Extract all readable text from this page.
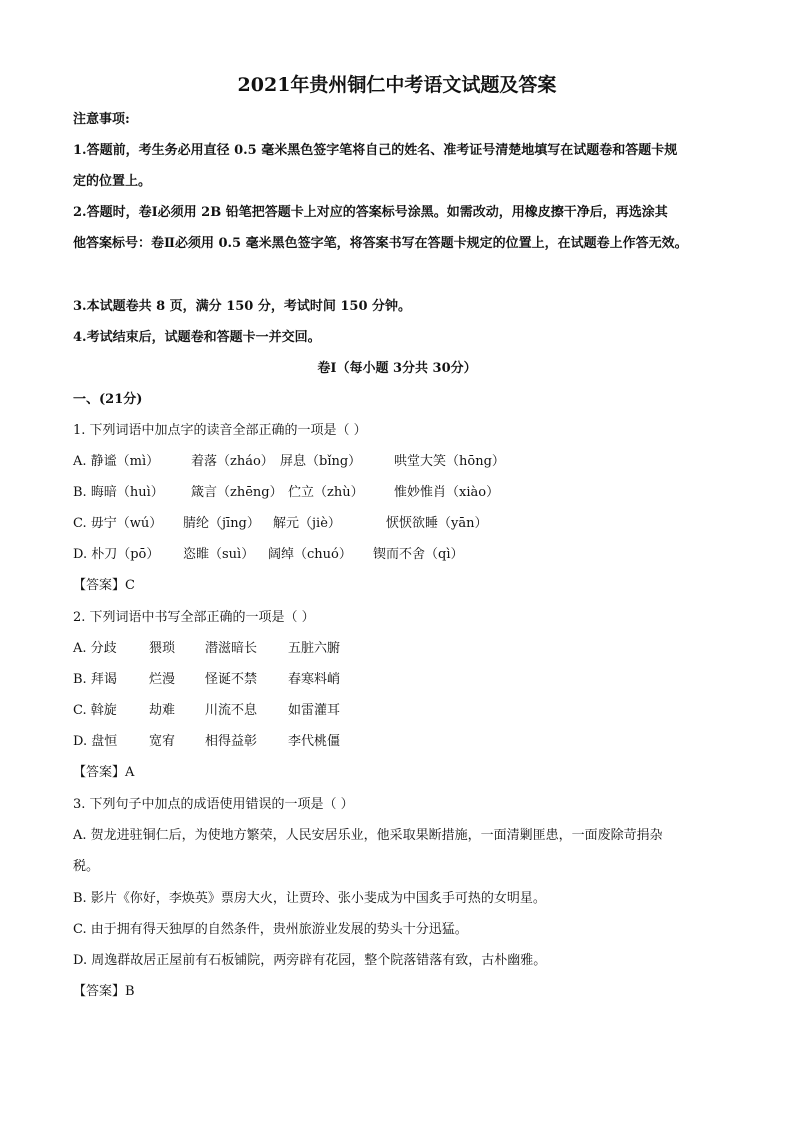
2021年贵州铜仁中考语文试题及答案
注意事项:
1.答题前，考生务必用直径 0.5 毫米黑色签字笔将自己的姓名、准考证号清楚地填写在试题卷和答题卡规
定的位置上。
2.答题时，卷Ⅰ必须用 2B 铅笔把答题卡上对应的答案标号涂黑。如需改动，用橡皮擦干净后，再选涂其
他答案标号：卷Ⅱ必须用 0.5 毫米黑色签字笔，将答案书写在答题卡规定的位置上，在试题卷上作答无效。
3.本试题卷共 8 页，满分 150 分，考试时间 150 分钟。
4.考试结束后，试题卷和答题卡一并交回。
卷Ⅰ（每小题 3分共 30分）
一、(21分)
1. 下列词语中加点字的读音全部正确的一项是（ ）
A. 静谧（mì） 着落（zháo） 屏息（bǐng）	哄堂大笑（hōng）
B. 晦暗（huì） 箴言（zhēng） 伫立（zhù） 惟妙惟肖（xiào）
C. 毋宁（wú） 腈纶（jīng） 解元（jiè）	恹恹欲睡（yān）
D. 朴刀（pō） 恣睢（suì） 阔绰（chuó） 锲而不舍（qì）
【答案】C
2. 下列词语中书写全部正确的一项是（ ）
A. 分歧 猥琐 潜滋暗长 五脏六腑
B. 拜谒 烂漫 怪诞不禁 春寒料峭
C. 斡旋 劫难 川流不息 如雷灌耳
D. 盘恒 宽宥 相得益彰 李代桃僵
【答案】A
3. 下列句子中加点的成语使用错误的一项是（ ）
A. 贺龙进驻铜仁后，为使地方繁荣，人民安居乐业，他采取果断措施，一面清剿匪患，一面废除苛捐杂
税。
B. 影片《你好，李焕英》票房大火，让贾玲、张小斐成为中国炙手可热的女明星。
C. 由于拥有得天独厚的自然条件，贵州旅游业发展的势头十分迅猛。
D. 周逸群故居正屋前有石板铺院，两旁辟有花园，整个院落错落有致，古朴幽雅。
【答案】B
